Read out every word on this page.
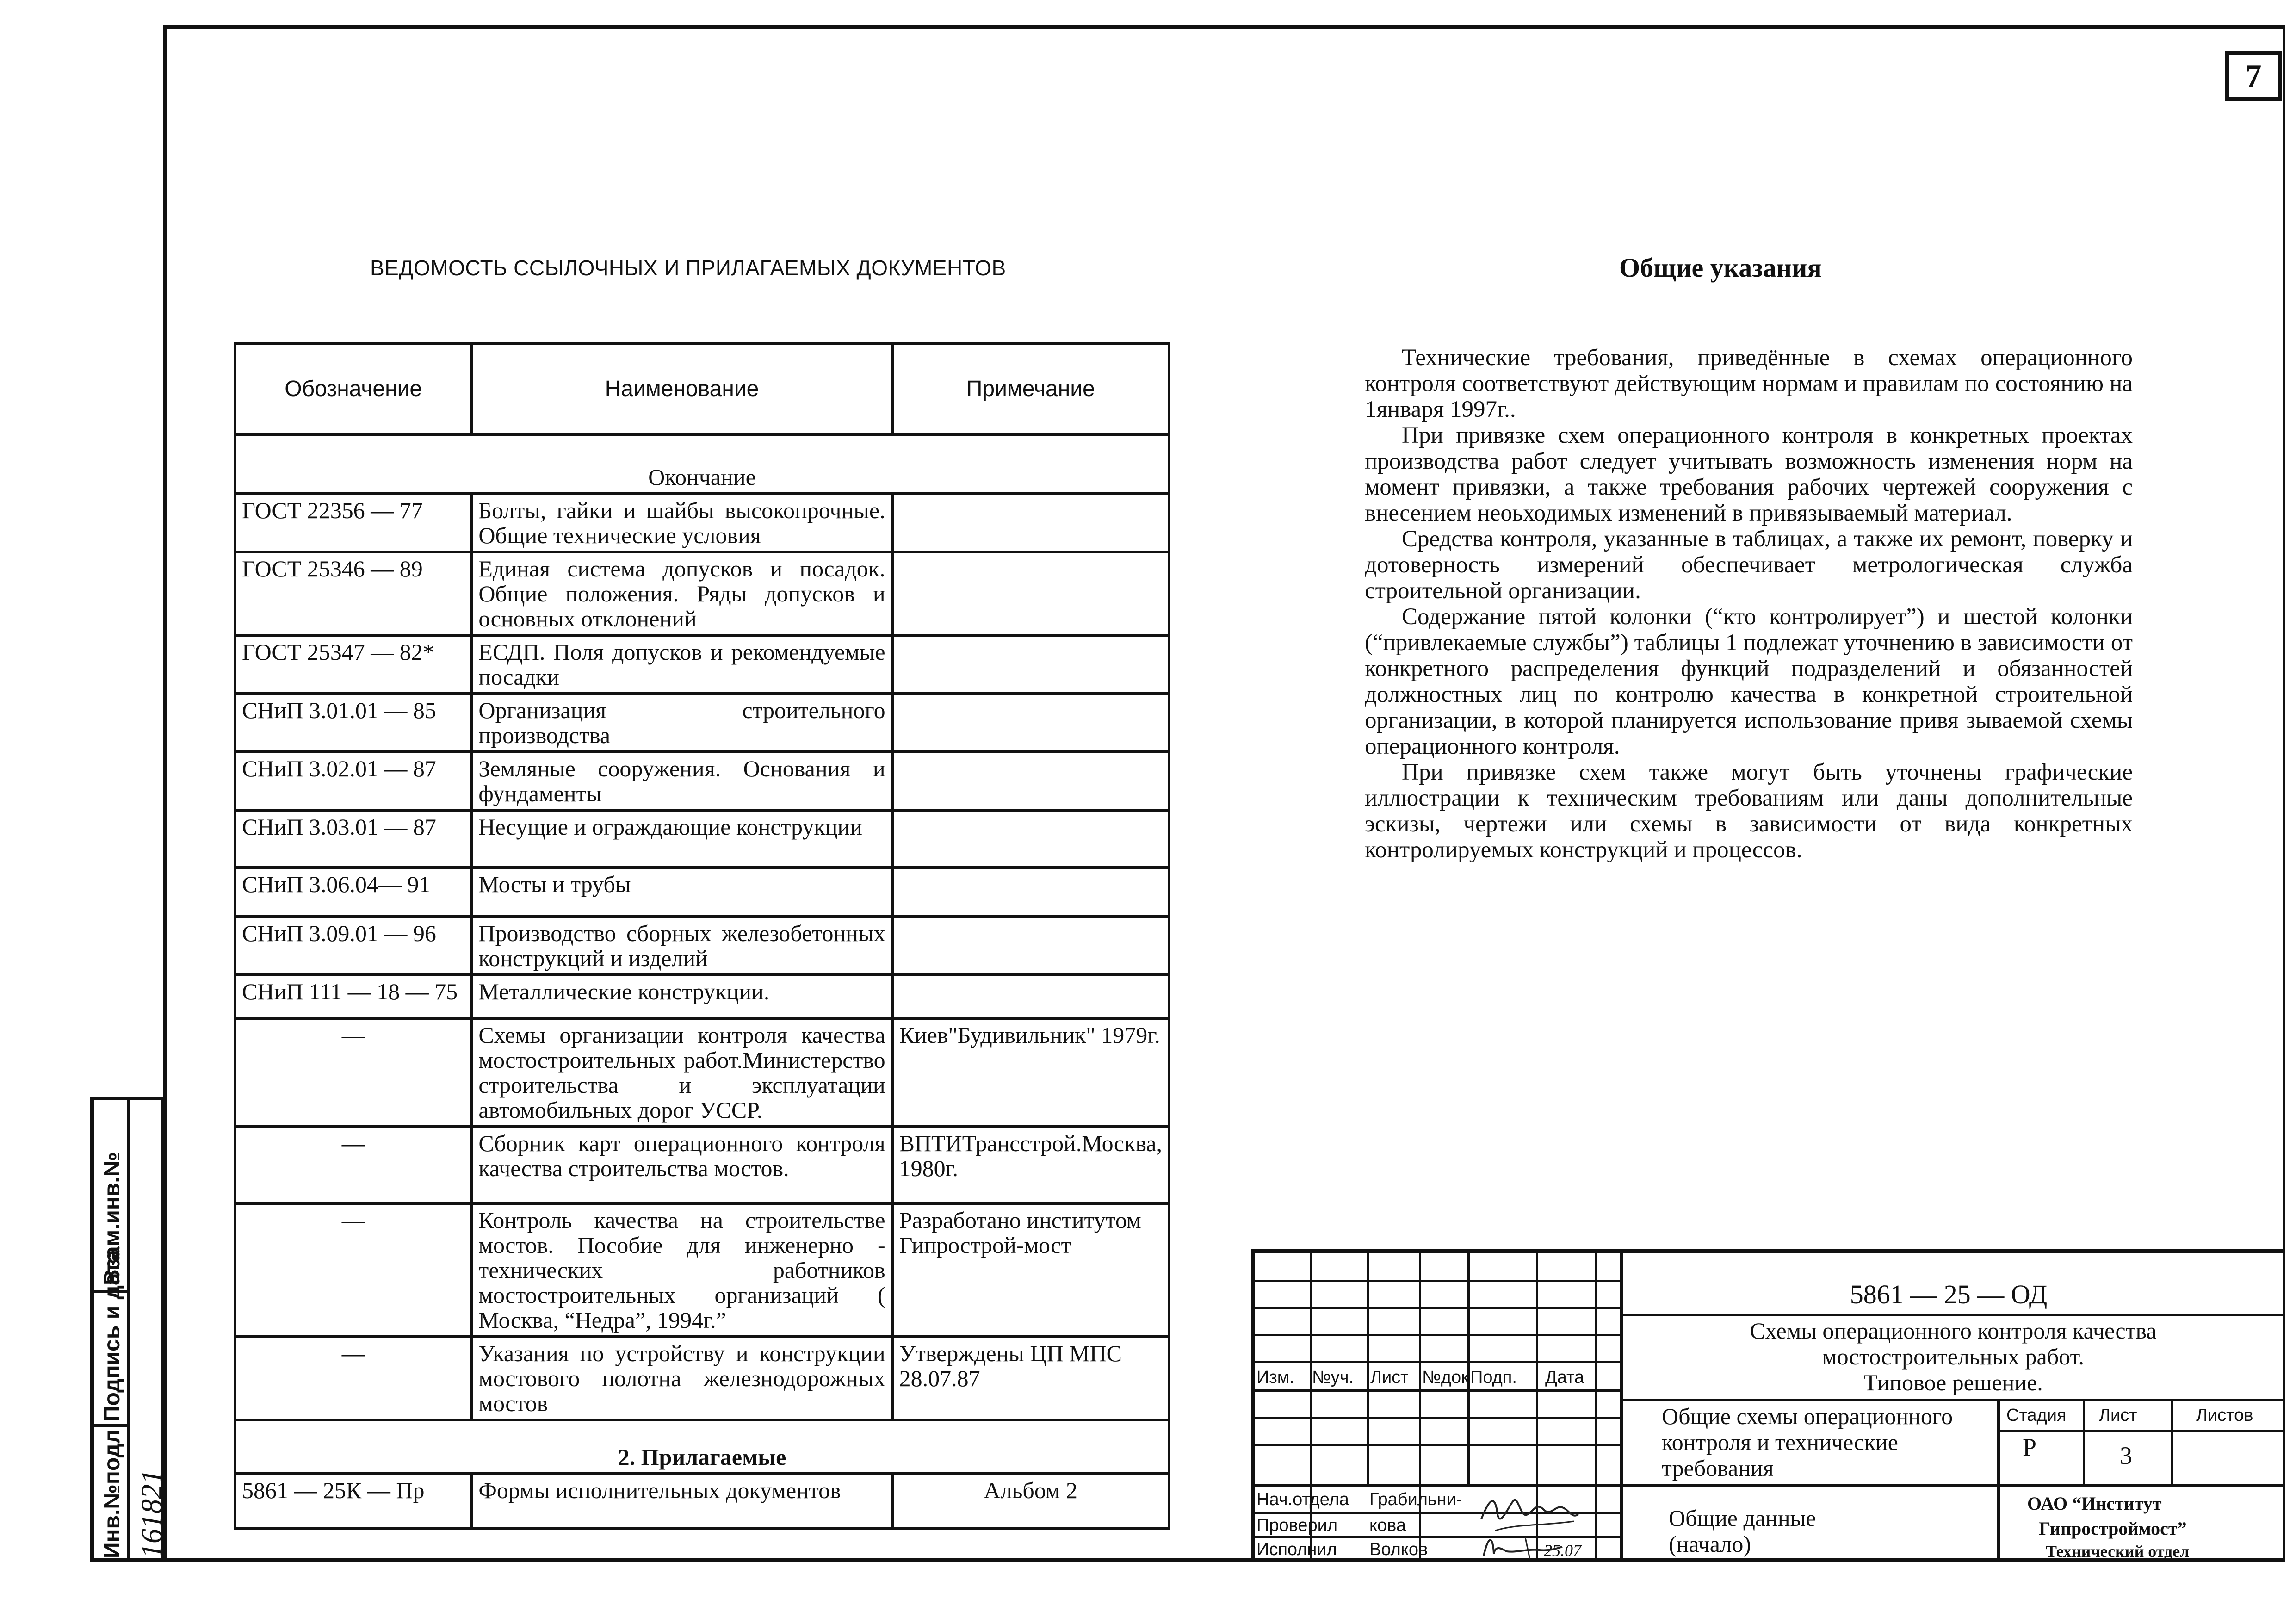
7
Инв.№подл
Подпись и дата
Взам.инв.№
161821
ВЕДОМОСТЬ ССЫЛОЧНЫХ И ПРИЛАГАЕМЫХ ДОКУМЕНТОВ
Обозначение	Наименование	Примечание
Окончание		
ГОСТ 22356 — 77	Болты, гайки и шайбы высокопрочные. Общие технические условия	
ГОСТ 25346 — 89	Единая система допусков и посадок. Общие положения. Ряды допусков и основных отклонений	
ГОСТ 25347 — 82*	ЕСДП. Поля допусков и рекомендуемые посадки	
СНиП 3.01.01 — 85	Организация строительного производства	
СНиП 3.02.01 — 87	Земляные сооружения. Основания и фундаменты	
СНиП 3.03.01 — 87	Несущие и ограждающие конструкции	
СНиП 3.06.04— 91	Мосты и трубы	
СНиП 3.09.01 — 96	Производство сборных железобетонных конструкций и изделий	
СНиП 111 — 18 — 75	Металлические конструкции.	
—	Схемы организации контроля качества мостостроительных работ.Министерство строительства и эксплуатации автомобильных дорог УССР.	Киев"Будивильник" 1979г.
—	Сборник карт операционного контроля качества строительства мостов.	ВПТИТрансстрой.Москва, 1980г.
—	Контроль качества на строительстве мостов. Пособие для инженерно - технических работников мостостроительных организаций ( Москва, “Недра”, 1994г.”	Разработано институтом Гипрострой-мост
—	Указания по устройству и конструкции мостового полотна железнодорожных мостов	Утверждены ЦП МПС 28.07.87
2. Прилагаемые		
5861 — 25К — Пр	Формы исполнительных документов	Альбом 2
Общие указания

Технические требования, приведённые в схемах операционного контроля соответствуют действующим нормам и правилам по состоянию на 1января 1997г..

При привязке схем операционного контроля в конкретных проектах производства работ следует учитывать возможность изменения норм на момент привязки, а также требования рабочих чертежей сооружения с внесением неоьходимых изменений в привязываемый материал.

Средства контроля, указанные в таблицах, а также их ремонт, поверку и дотоверность измерений обеспечивает метрологическая служба строительной организации.

Содержание пятой колонки (“кто контролирует”) и шестой колонки (“привлекаемые службы”) таблицы 1 подлежат уточнению в зависимости от конкретного распределения функций подразделений и обязанностей должностных лиц по контролю качества в конкретной строительной организации, в которой планируется использование привя зываемой схемы операционного контроля.

При привязке схем также могут быть уточнены графические иллюстрации к техническим требованиям или даны дополнительные эскизы, чертежи или схемы в зависимости от вида конкретных контролируемых конструкций и процессов.

Изм. №уч. Лист №док Подп. Дата
Нач.отдела Грабильни-
Проверил кова
Исполнил Волков	25.07
5861 — 25 — ОД
Схемы операционного контроля качества
мостостроительных работ.
Типовое решение.
Общие схемы операционного контроля и технические требования
Стадия Лист	Листов
Р	3
Общие данные (начало)
ОАО “Институт
Гипростроймост”
Технический отдел
